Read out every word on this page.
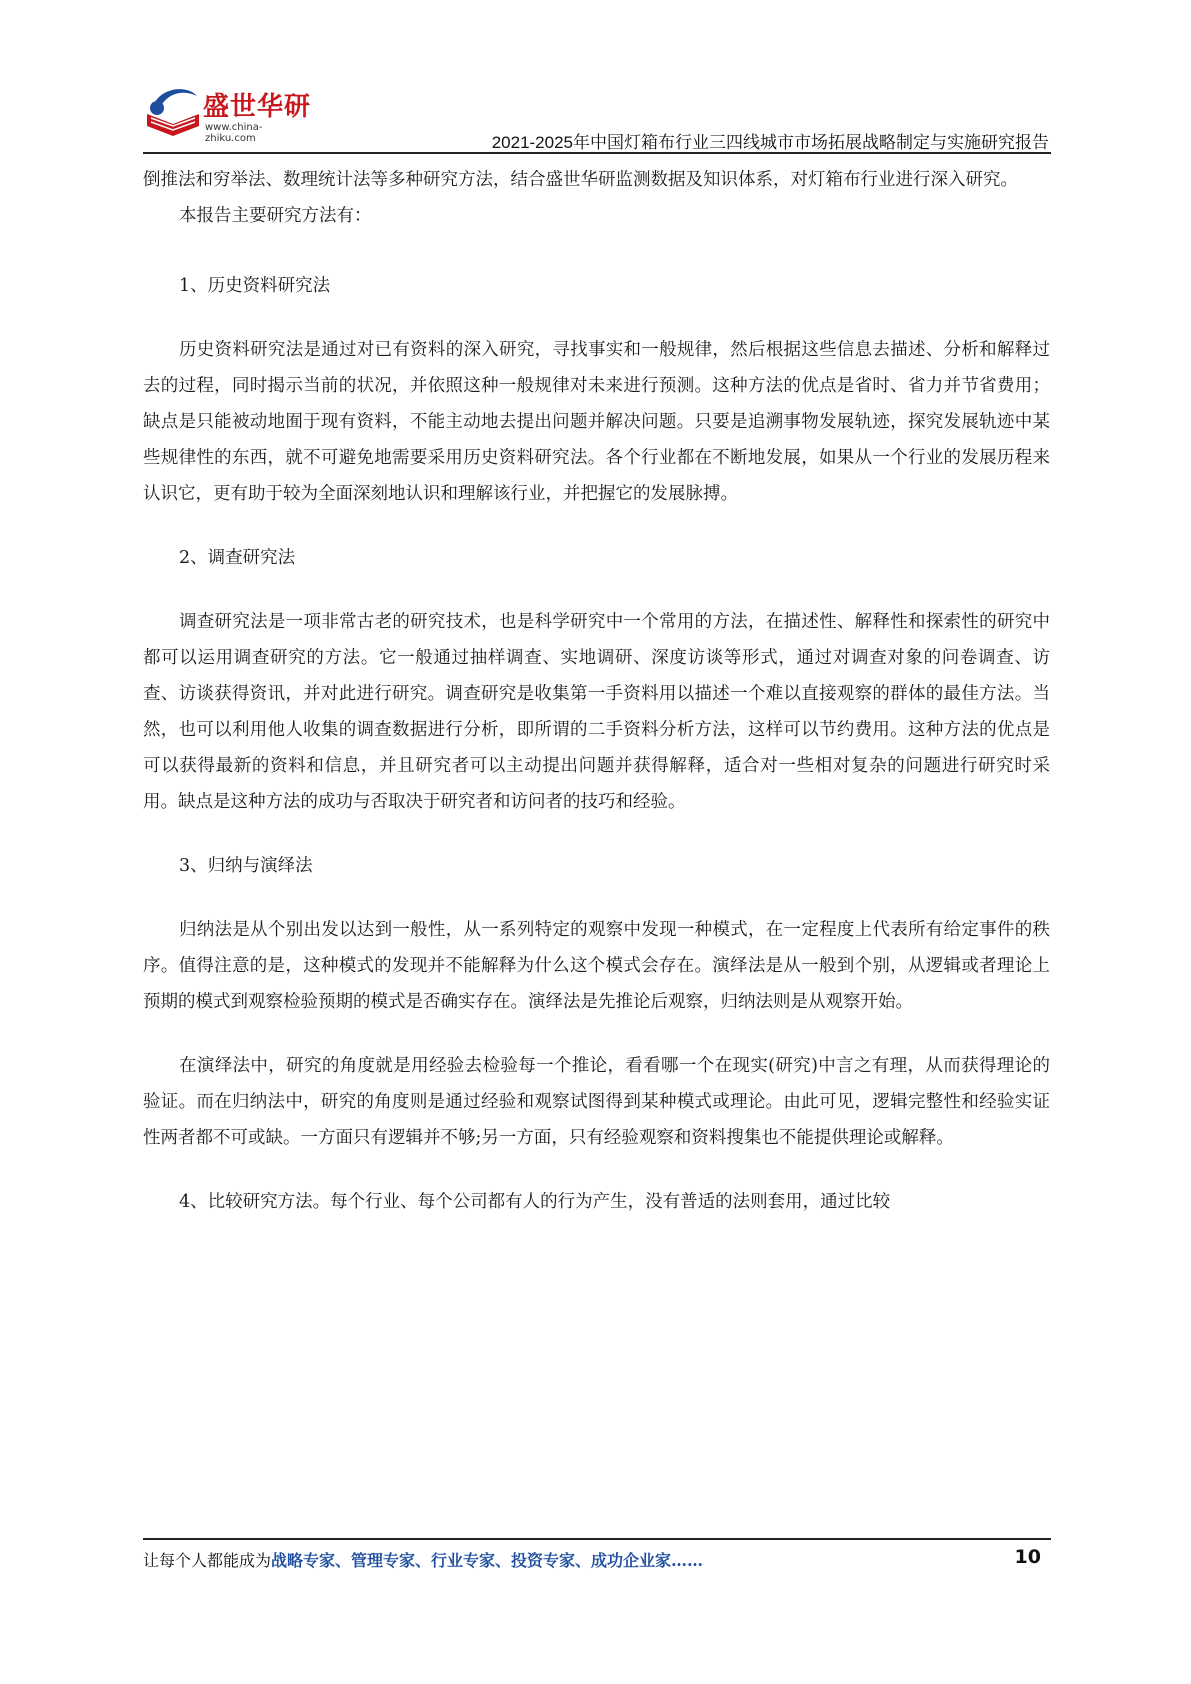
盛世华研
www.china-zhiku.com	2021-2025年中国灯箱布行业三四线城市市场拓展战略制定与实施研究报告

倒推法和穷举法、数理统计法等多种研究方法，结合盛世华研监测数据及知识体系，对灯箱布行业进行深入研究。

本报告主要研究方法有：

1、历史资料研究法

历史资料研究法是通过对已有资料的深入研究，寻找事实和一般规律，然后根据这些信息去描述、分析和解释过去的过程，同时揭示当前的状况，并依照这种一般规律对未来进行预测。这种方法的优点是省时、省力并节省费用；缺点是只能被动地囿于现有资料，不能主动地去提出问题并解决问题。只要是追溯事物发展轨迹，探究发展轨迹中某些规律性的东西，就不可避免地需要采用历史资料研究法。各个行业都在不断地发展，如果从一个行业的发展历程来认识它，更有助于较为全面深刻地认识和理解该行业，并把握它的发展脉搏。

2、调查研究法

调查研究法是一项非常古老的研究技术，也是科学研究中一个常用的方法，在描述性、解释性和探索性的研究中都可以运用调查研究的方法。它一般通过抽样调查、实地调研、深度访谈等形式，通过对调查对象的问卷调查、访查、访谈获得资讯，并对此进行研究。调查研究是收集第一手资料用以描述一个难以直接观察的群体的最佳方法。当然，也可以利用他人收集的调查数据进行分析，即所谓的二手资料分析方法，这样可以节约费用。这种方法的优点是可以获得最新的资料和信息，并且研究者可以主动提出问题并获得解释，适合对一些相对复杂的问题进行研究时采用。缺点是这种方法的成功与否取决于研究者和访问者的技巧和经验。

3、归纳与演绎法

归纳法是从个别出发以达到一般性，从一系列特定的观察中发现一种模式，在一定程度上代表所有给定事件的秩序。值得注意的是，这种模式的发现并不能解释为什么这个模式会存在。演绎法是从一般到个别，从逻辑或者理论上预期的模式到观察检验预期的模式是否确实存在。演绎法是先推论后观察，归纳法则是从观察开始。

在演绎法中，研究的角度就是用经验去检验每一个推论，看看哪一个在现实(研究)中言之有理，从而获得理论的验证。而在归纳法中，研究的角度则是通过经验和观察试图得到某种模式或理论。由此可见，逻辑完整性和经验实证性两者都不可或缺。一方面只有逻辑并不够;另一方面，只有经验观察和资料搜集也不能提供理论或解释。

4、比较研究方法。每个行业、每个公司都有人的行为产生，没有普适的法则套用，通过比较

让每个人都能成为战略专家、管理专家、行业专家、投资专家、成功企业家……	10
